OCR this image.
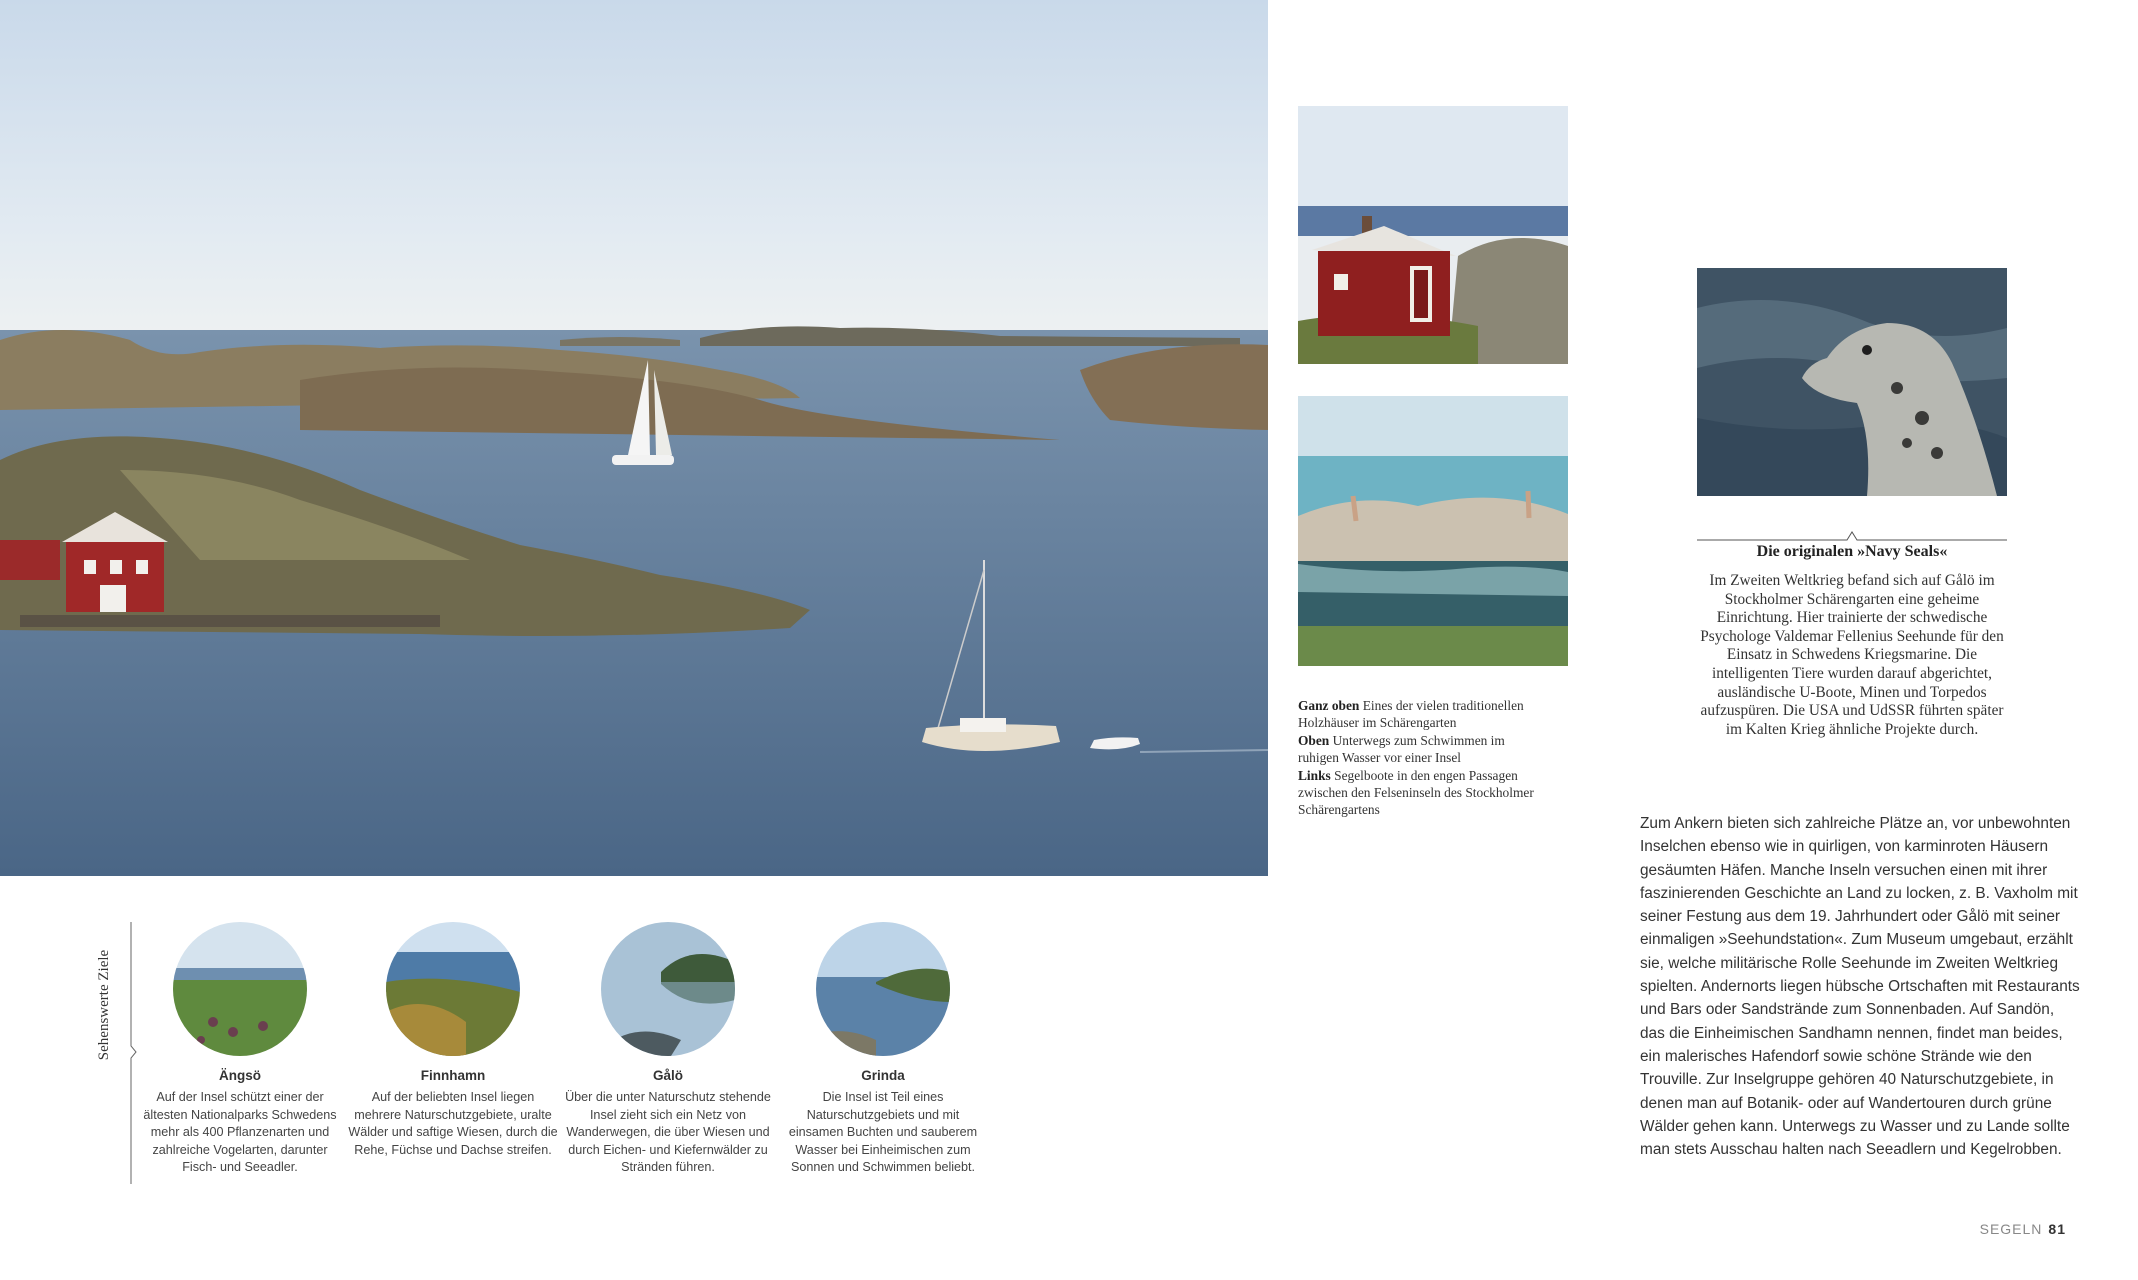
Ganz oben Eines der vielen traditionellen Holzhäuser im Schärengarten
Oben Unterwegs zum Schwimmen im ruhigen Wasser vor einer Insel
Links Segelboote in den engen Passagen zwischen den Felseninseln des Stockholmer Schärengartens
Die originalen »Navy Seals«
Im Zweiten Weltkrieg befand sich auf Gålö im Stockholmer Schärengarten eine geheime Einrichtung. Hier trainierte der schwedische Psychologe Valdemar Fellenius Seehunde für den Einsatz in Schwedens Kriegsmarine. Die intelligenten Tiere wurden darauf abgerichtet, ausländische U-Boote, Minen und Torpedos aufzuspüren. Die USA und UdSSR führten später im Kalten Krieg ähnliche Projekte durch.
Zum Ankern bieten sich zahlreiche Plätze an, vor unbewohnten Inselchen ebenso wie in quirligen, von karminroten Häusern gesäumten Häfen. Manche Inseln versuchen einen mit ihrer faszinierenden Geschichte an Land zu locken, z. B. Vaxholm mit seiner Festung aus dem 19. Jahrhundert oder Gålö mit seiner einmaligen »Seehundstation«. Zum Museum umgebaut, erzählt sie, welche militärische Rolle Seehunde im Zweiten Weltkrieg spielten. Andernorts liegen hübsche Ortschaften mit Restaurants und Bars oder Sandstrände zum Sonnenbaden. Auf Sandön, das die Einheimischen Sandhamn nennen, findet man beides, ein malerisches Hafendorf sowie schöne Strände wie den Trouville. Zur Inselgruppe gehören 40 Naturschutzgebiete, in denen man auf Botanik- oder auf Wandertouren durch grüne Wälder gehen kann. Unterwegs zu Wasser und zu Lande sollte man stets Ausschau halten nach Seeadlern und Kegelrobben.
Sehenswerte Ziele
Ängsö
Auf der Insel schützt einer der ältesten Nationalparks Schwedens mehr als 400 Pflanzenarten und zahlreiche Vogelarten, darunter Fisch- und Seeadler.
Finnhamn
Auf der beliebten Insel liegen mehrere Naturschutzgebiete, uralte Wälder und saftige Wiesen, durch die Rehe, Füchse und Dachse streifen.
Gålö
Über die unter Naturschutz stehende Insel zieht sich ein Netz von Wanderwegen, die über Wiesen und durch Eichen- und Kiefernwälder zu Stränden führen.
Grinda
Die Insel ist Teil eines Naturschutzgebiets und mit einsamen Buchten und sauberem Wasser bei Einheimischen zum Sonnen und Schwimmen beliebt.
SEGELN 81
